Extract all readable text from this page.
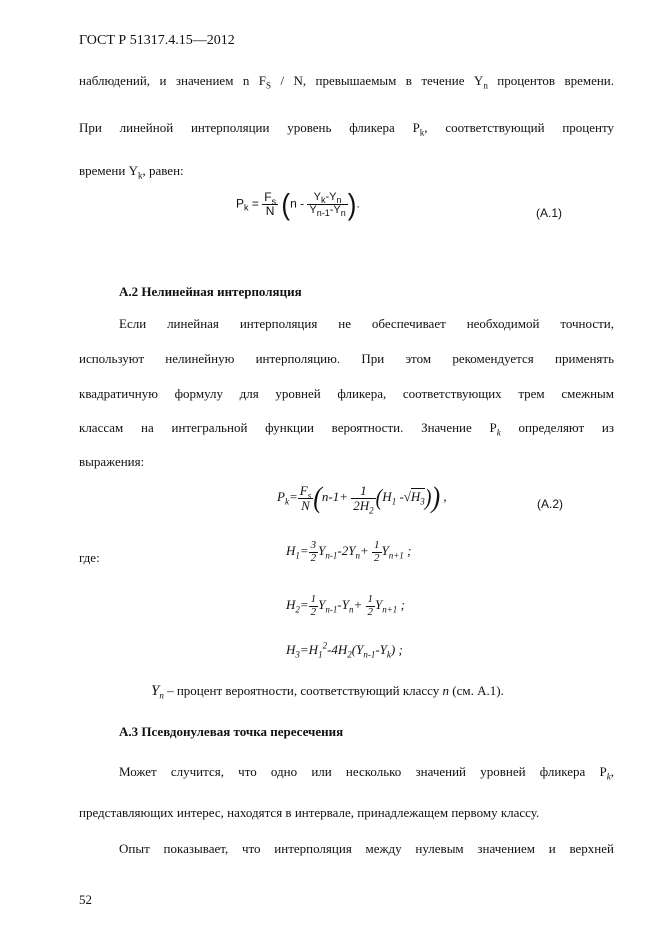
ГОСТ Р 51317.4.15—2012
наблюдений, и значением n $F_S$ / N, превышаемым в течение $Y_n$ процентов времени.
При линейной интерполяции уровень фликера $P_k$, соответствующий проценту
времени $Y_k$, равен:
$P_k = \frac{F_s}{N} (n - \frac{Y_k-Y_n}{Y_{n-1}-Y_n}$ ).
(A.1)
А.2 Нелинейная интерполяция
Если линейная интерполяция не обеспечивает необходимой точности,
используют нелинейную интерполяцию. При этом рекомендуется применять
квадратичную формулу для уровней фликера, соответствующих трем смежным
классам на интегральной функции вероятности. Значение $P_k$ определяют из
выражения:
$P_k= \frac{F_s}{N} (n-1+ \frac{1}{2H_2} (H_1$ $-√H_3$)) ,	(A.2)
где:	$H_1= \frac{3}{2} Y_{n-1}-2Y_n+ \frac{1}{2} Y_{n+1}$ ;
$H_2= \frac{1}{2} Y_{n-1}-Y_n+ \frac{1}{2} Y_{n+1}$ ;
$H_3=H_1^2-4H_2(Y_{n-1}-Y_k)$ ;
$Y_n$ – процент вероятности, соответствующий классу n (см. A.1).
А.3 Псевдонулевая точка пересечения
Может случится, что одно или несколько значений уровней фликера $P_k$,
представляющих интерес, находятся в интервале, принадлежащем первому классу.
Опыт показывает, что интерполяция между нулевым значением и верхней
52
